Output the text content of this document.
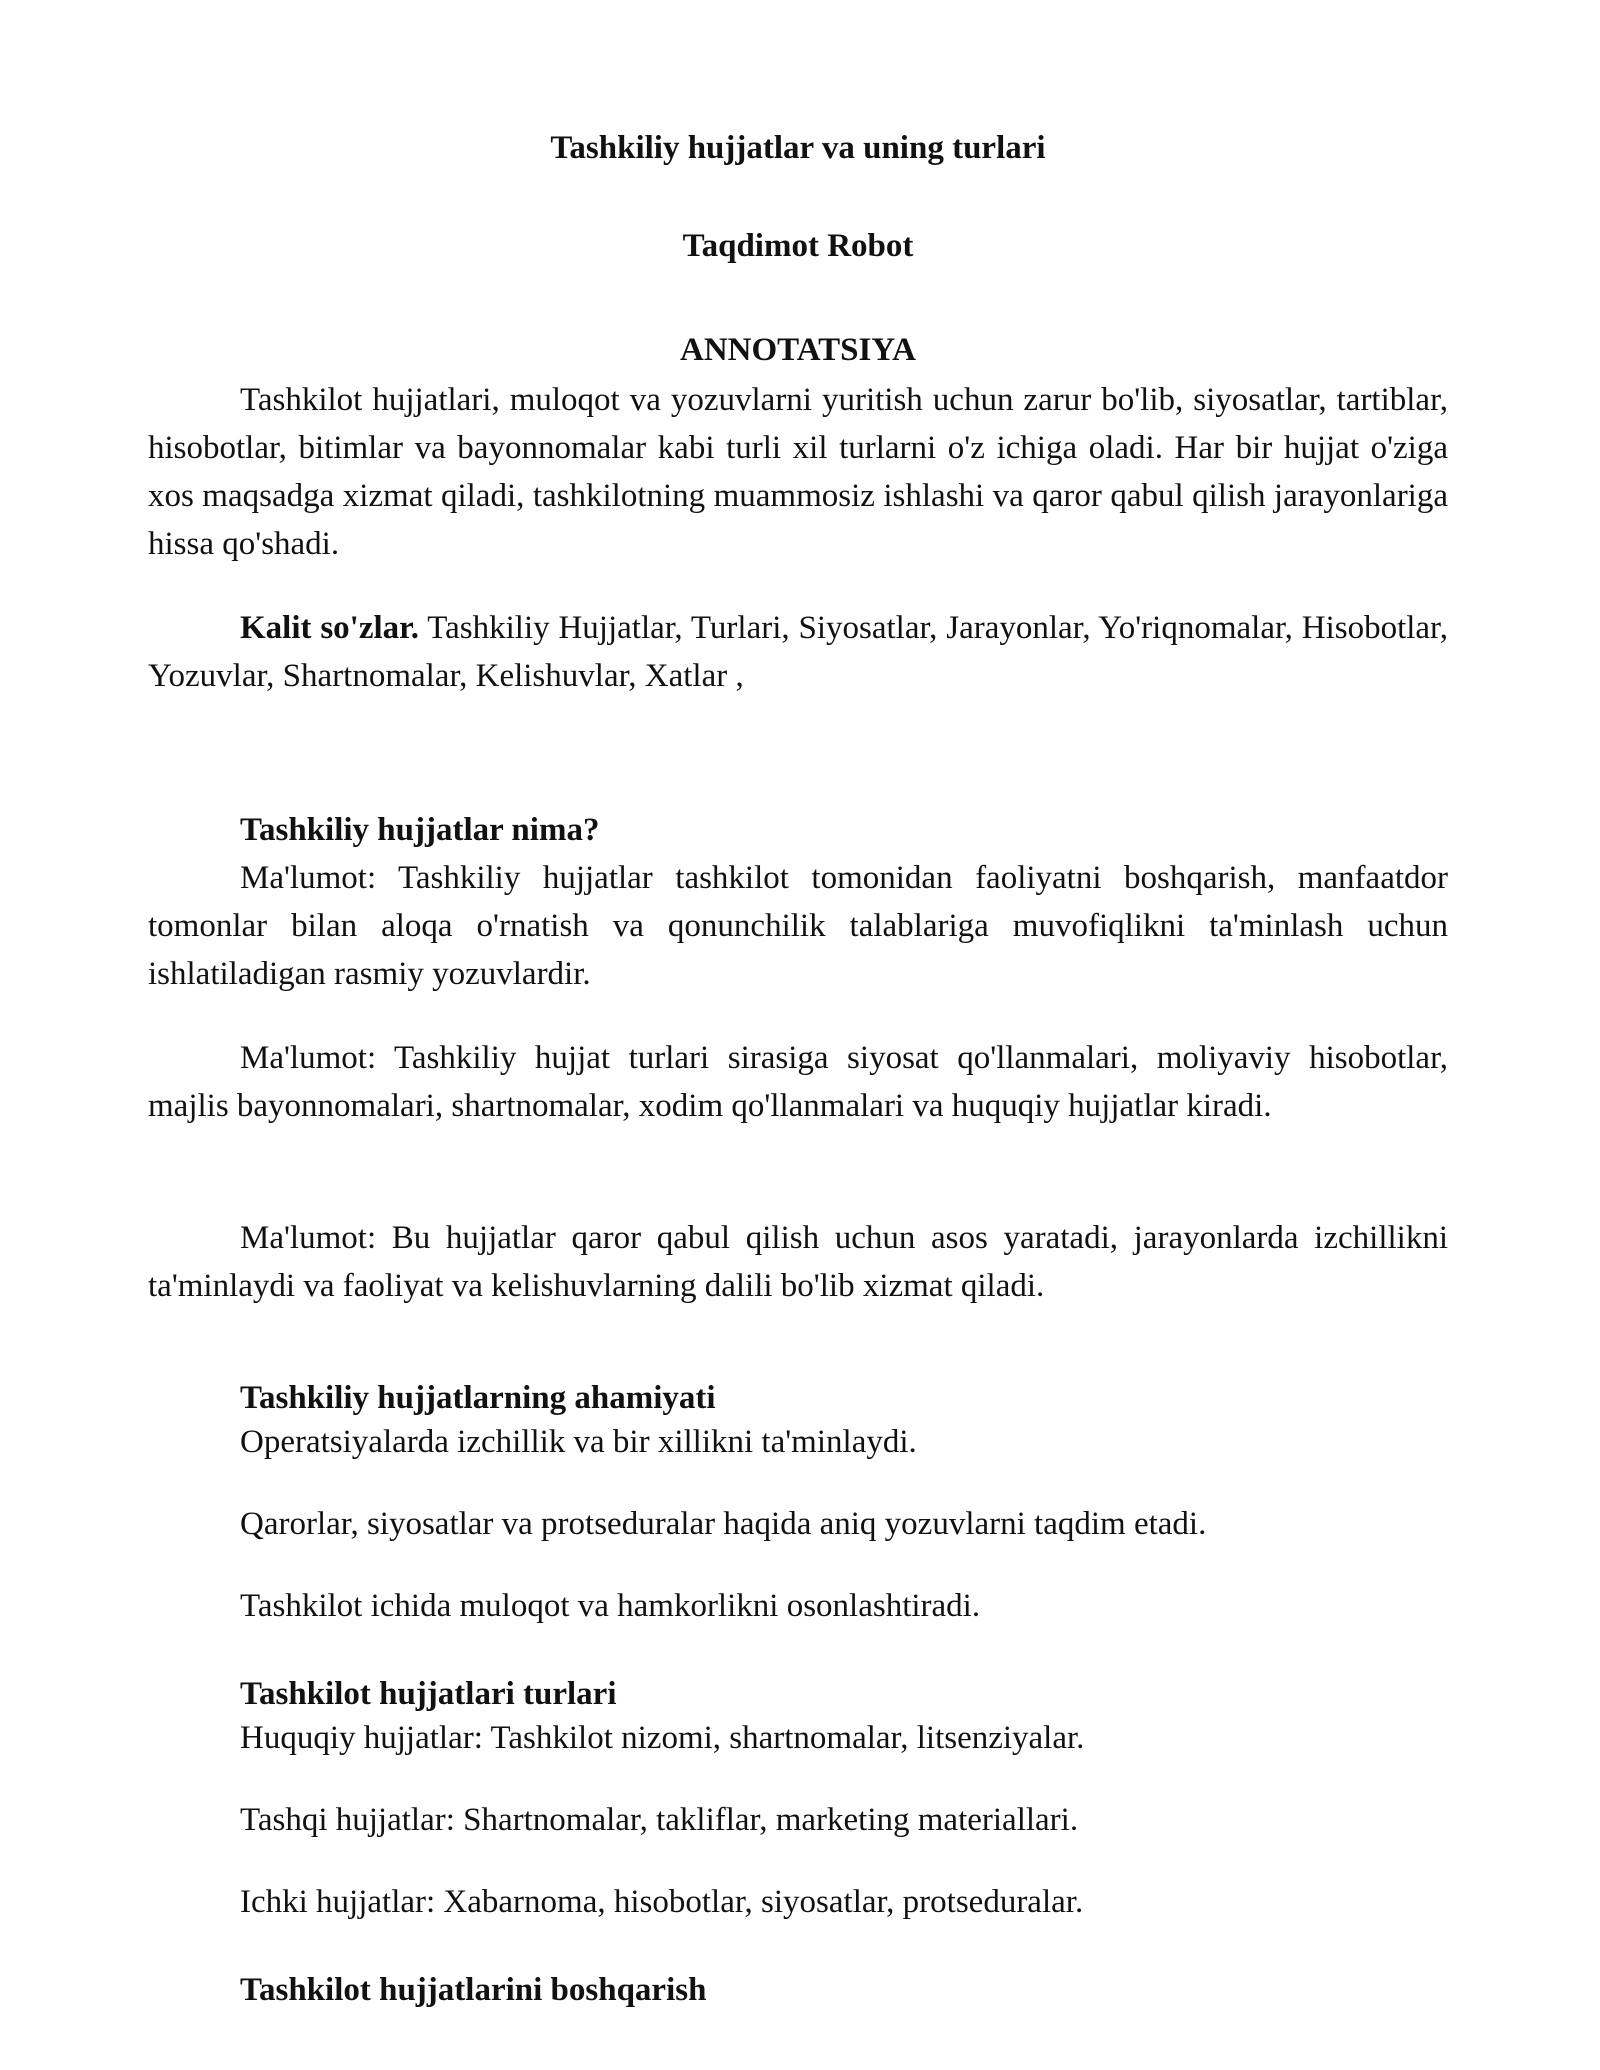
Tashkiliy hujjatlar va uning turlari
Taqdimot Robot
ANNOTATSIYA

Tashkilot hujjatlari, muloqot va yozuvlarni yuritish uchun zarur bo'lib, siyosatlar, tartiblar, hisobotlar, bitimlar va bayonnomalar kabi turli xil turlarni o'z ichiga oladi. Har bir hujjat o'ziga xos maqsadga xizmat qiladi, tashkilotning muammosiz ishlashi va qaror qabul qilish jarayonlariga hissa qo'shadi.

Kalit so'zlar. Tashkiliy Hujjatlar, Turlari, Siyosatlar, Jarayonlar, Yo'riqnomalar, Hisobotlar, Yozuvlar, Shartnomalar, Kelishuvlar, Xatlar ,

Tashkiliy hujjatlar nima?

Ma'lumot: Tashkiliy hujjatlar tashkilot tomonidan faoliyatni boshqarish, manfaatdor tomonlar bilan aloqa o'rnatish va qonunchilik talablariga muvofiqlikni ta'minlash uchun ishlatiladigan rasmiy yozuvlardir.

Ma'lumot: Tashkiliy hujjat turlari sirasiga siyosat qo'llanmalari, moliyaviy hisobotlar, majlis bayonnomalari, shartnomalar, xodim qo'llanmalari va huquqiy hujjatlar kiradi.

Ma'lumot: Bu hujjatlar qaror qabul qilish uchun asos yaratadi, jarayonlarda izchillikni ta'minlaydi va faoliyat va kelishuvlarning dalili bo'lib xizmat qiladi.

Tashkiliy hujjatlarning ahamiyati

Operatsiyalarda izchillik va bir xillikni ta'minlaydi.

Qarorlar, siyosatlar va protseduralar haqida aniq yozuvlarni taqdim etadi.

Tashkilot ichida muloqot va hamkorlikni osonlashtiradi.

Tashkilot hujjatlari turlari

Huquqiy hujjatlar: Tashkilot nizomi, shartnomalar, litsenziyalar.

Tashqi hujjatlar: Shartnomalar, takliflar, marketing materiallari.

Ichki hujjatlar: Xabarnoma, hisobotlar, siyosatlar, protseduralar.

Tashkilot hujjatlarini boshqarish
